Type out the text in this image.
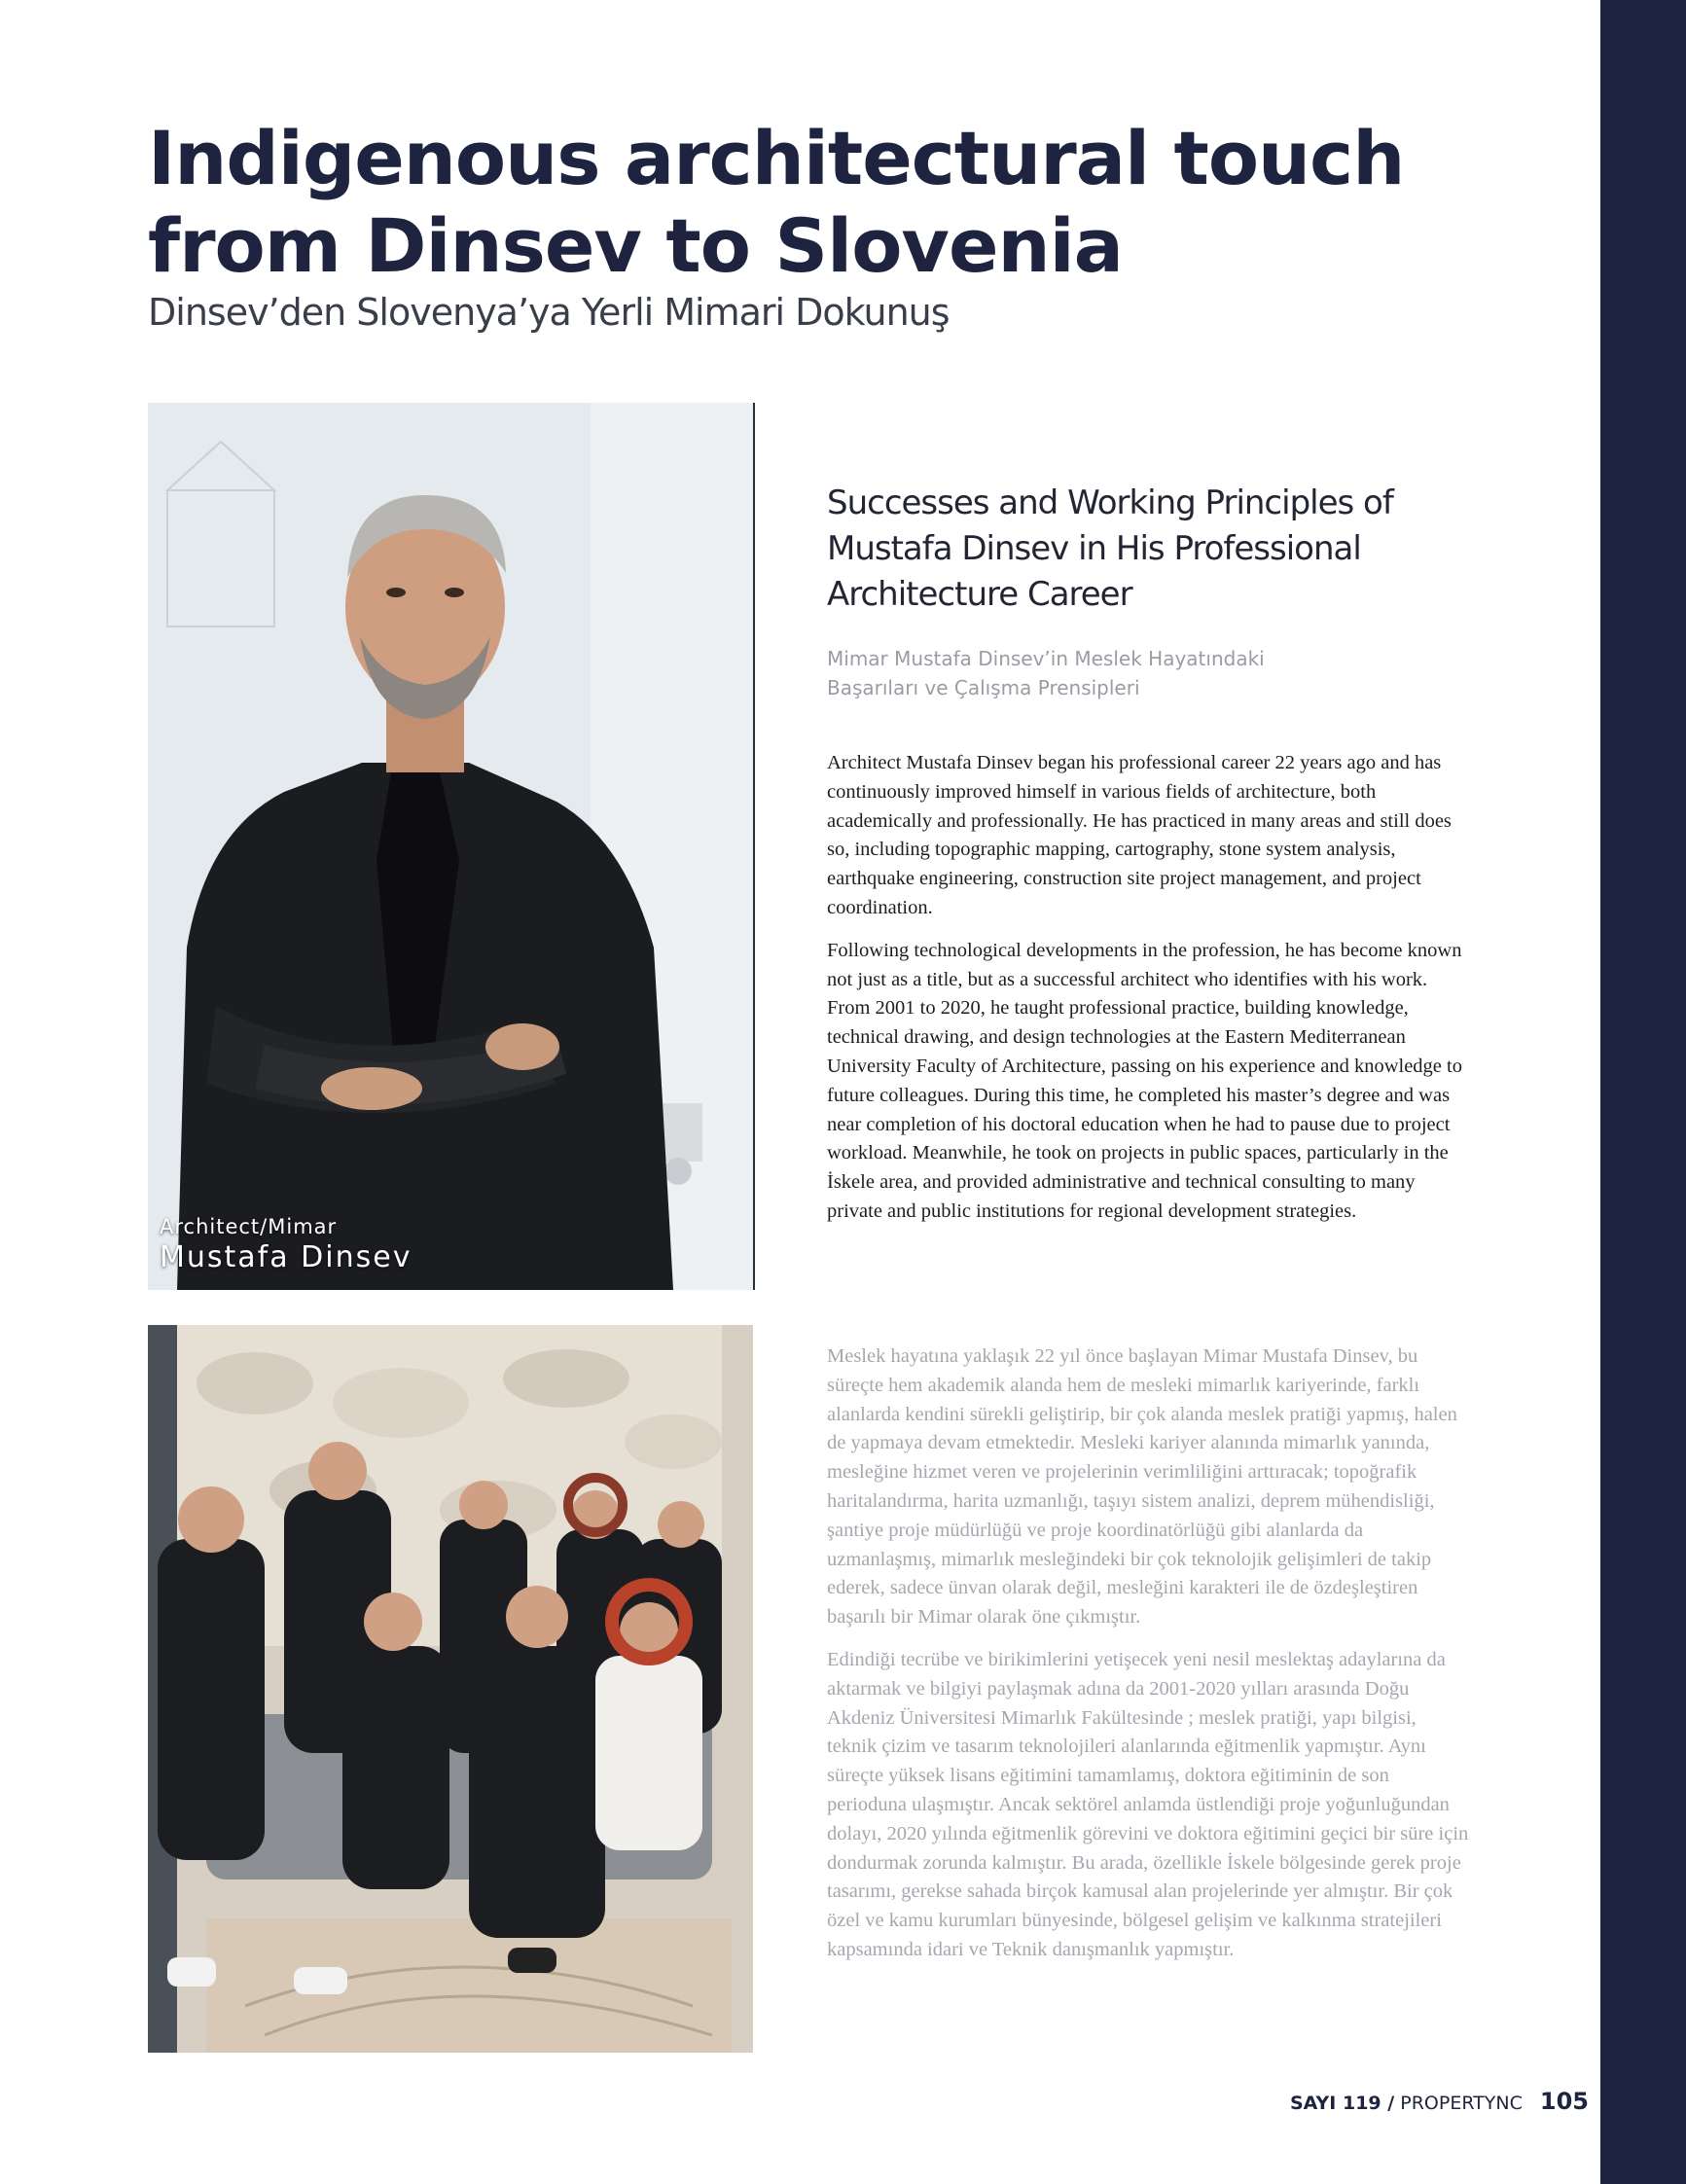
Indigenous architectural touch
from Dinsev to Slovenia
Dinsev’den Slovenya’ya Yerli Mimari Dokunuş
Architect/Mimar
Mustafa Dinsev
Successes and Working Principles of
Mustafa Dinsev in His Professional
Architecture Career
Mimar Mustafa Dinsev’in Meslek Hayatındaki
Başarıları ve Çalışma Prensipleri

Architect Mustafa Dinsev began his professional career 22 years ago and has continuously improved himself in various fields of architecture, both academically and professionally. He has practiced in many areas and still does so, including topographic mapping, cartography, stone system analysis, earthquake engineering, construction site project management, and project coordination.

Following technological developments in the profession, he has become known not just as a title, but as a successful architect who identifies with his work. From 2001 to 2020, he taught professional practice, building knowledge, technical drawing, and design technologies at the Eastern Mediterranean University Faculty of Architecture, passing on his experience and knowledge to future colleagues. During this time, he completed his master’s degree and was near completion of his doctoral education when he had to pause due to project workload. Meanwhile, he took on projects in public spaces, particularly in the İskele area, and provided administrative and technical consulting to many private and public institutions for regional development strategies.

Meslek hayatına yaklaşık 22 yıl önce başlayan Mimar Mustafa Dinsev, bu süreçte hem akademik alanda hem de mesleki mimarlık kariyerinde, farklı alanlarda kendini sürekli geliştirip, bir çok alanda meslek pratiği yapmış, halen de yapmaya devam etmektedir. Mesleki kariyer alanında mimarlık yanında, mesleğine hizmet veren ve projelerinin verimliliğini arttıracak; topoğrafik haritalandırma, harita uzmanlığı, taşıyı sistem analizi, deprem mühendisliği, şantiye proje müdürlüğü ve proje koordinatörlüğü gibi alanlarda da uzmanlaşmış, mimarlık mesleğindeki bir çok teknolojik gelişimleri de takip ederek, sadece ünvan olarak değil, mesleğini karakteri ile de özdeşleştiren başarılı bir Mimar olarak öne çıkmıştır.

Edindiği tecrübe ve birikimlerini yetişecek yeni nesil meslektaş adaylarına da aktarmak ve bilgiyi paylaşmak adına da 2001-2020 yılları arasında Doğu Akdeniz Üniversitesi Mimarlık Fakültesinde ; meslek pratiği, yapı bilgisi, teknik çizim ve tasarım teknolojileri alanlarında eğitmenlik yapmıştır. Aynı süreçte yüksek lisans eğitimini tamamlamış, doktora eğitiminin de son perioduna ulaşmıştır. Ancak sektörel anlamda üstlendiği proje yoğunluğundan dolayı, 2020 yılında eğitmenlik görevini ve doktora eğitimini geçici bir süre için dondurmak zorunda kalmıştır. Bu arada, özellikle İskele bölgesinde gerek proje tasarımı, gerekse sahada birçok kamusal alan projelerinde yer almıştır. Bir çok özel ve kamu kurumları bünyesinde, bölgesel gelişim ve kalkınma stratejileri kapsamında idari ve Teknik danışmanlık yapmıştır.

SAYI 119 / PROPERTYNC 105
